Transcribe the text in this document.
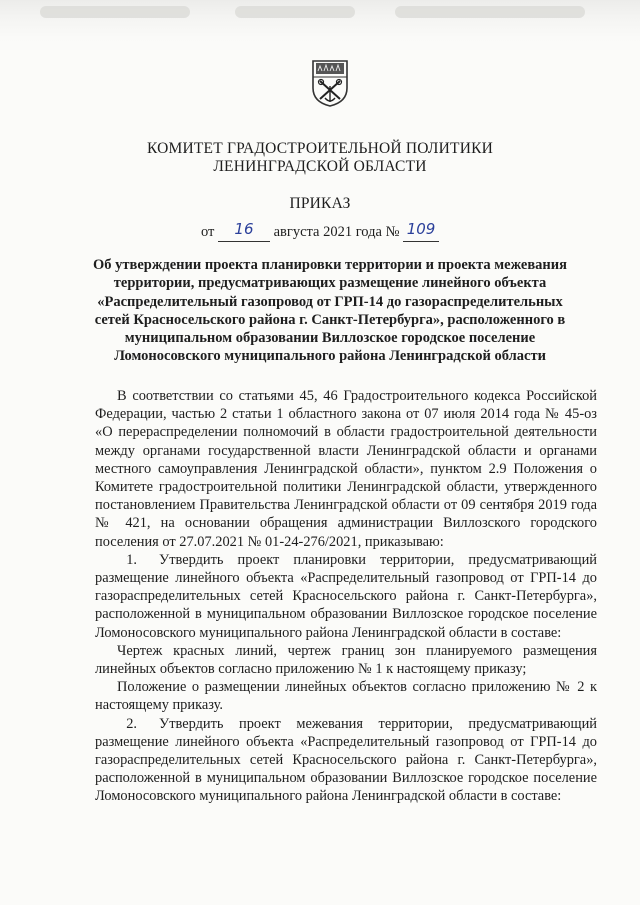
КОМИТЕТ ГРАДОСТРОИТЕЛЬНОЙ ПОЛИТИКИ
ЛЕНИНГРАДСКОЙ ОБЛАСТИ
ПРИКАЗ
от 16 августа 2021 года № 109
Об утверждении проекта планировки территории и проекта межевания территории, предусматривающих размещение линейного объекта «Распределительный газопровод от ГРП-14 до газораспределительных сетей Красносельского района г. Санкт-Петербурга», расположенного в муниципальном образовании Виллозское городское поселение Ломоносовского муниципального района Ленинградской области

В соответствии со статьями 45, 46 Градостроительного кодекса Российской Федерации, частью 2 статьи 1 областного закона от 07 июля 2014 года № 45-оз «О перераспределении полномочий в области градостроительной деятельности между органами государственной власти Ленинградской области и органами местного самоуправления Ленинградской области», пунктом 2.9 Положения о Комитете градостроительной политики Ленинградской области, утвержденного постановлением Правительства Ленинградской области от 09 сентября 2019 года № 421, на основании обращения администрации Виллозского городского поселения от 27.07.2021 № 01-24-276/2021, приказываю:

1. Утвердить проект планировки территории, предусматривающий размещение линейного объекта «Распределительный газопровод от ГРП-14 до газораспределительных сетей Красносельского района г. Санкт-Петербурга», расположенной в муниципальном образовании Виллозское городское поселение Ломоносовского муниципального района Ленинградской области в составе:

Чертеж красных линий, чертеж границ зон планируемого размещения линейных объектов согласно приложению № 1 к настоящему приказу;

Положение о размещении линейных объектов согласно приложению № 2 к настоящему приказу.

2. Утвердить проект межевания территории, предусматривающий размещение линейного объекта «Распределительный газопровод от ГРП-14 до газораспределительных сетей Красносельского района г. Санкт-Петербурга», расположенной в муниципальном образовании Виллозское городское поселение Ломоносовского муниципального района Ленинградской области в составе:
